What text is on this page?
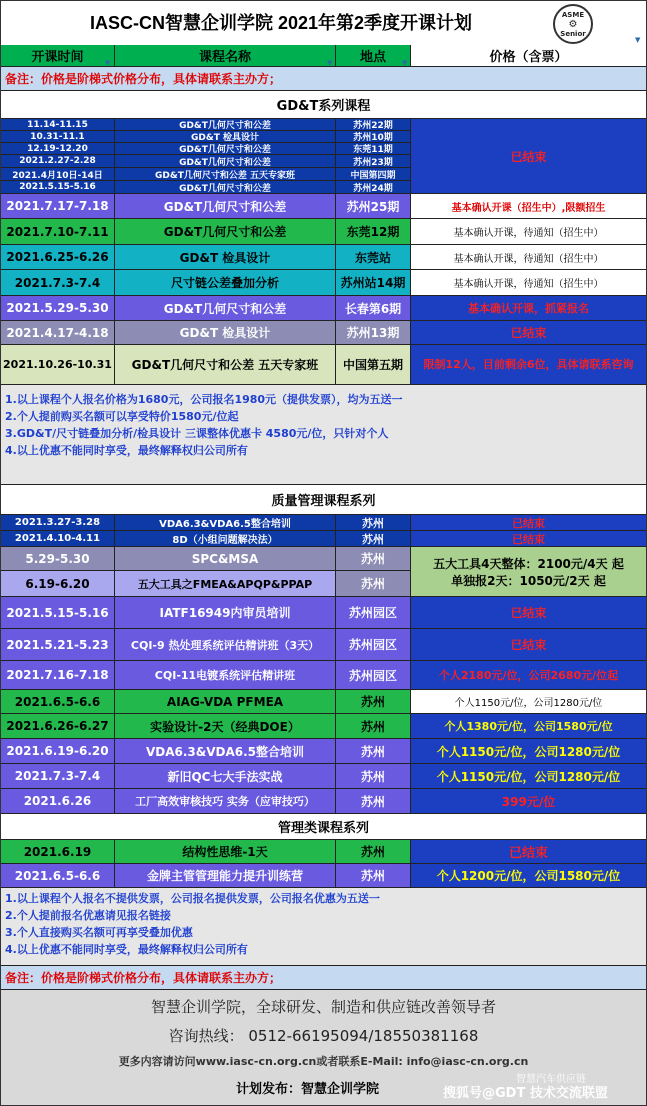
IASC-CN智慧企训学院 2021年第2季度开课计划	ASME
⚙
Senior
开课时间	课程名称	地点	价格（含票）
▼	▼	▼
▼
备注：价格是阶梯式价格分布，具体请联系主办方；
GD&T系列课程
11.14-11.15	GD&T几何尺寸和公差	苏州22期
10.31-11.1	GD&T 检具设计	苏州10期
12.19-12.20	GD&T几何尺寸和公差	东莞11期
2021.2.27-2.28	GD&T几何尺寸和公差	苏州23期
2021.4月10日-14日	GD&T几何尺寸和公差 五天专家班	中国第四期
2021.5.15-5.16	GD&T几何尺寸和公差	苏州24期
已结束
2021.7.17-7.18	GD&T几何尺寸和公差	苏州25期	基本确认开课（招生中）,限额招生
2021.7.10-7.11	GD&T几何尺寸和公差	东莞12期	基本确认开课，待通知（招生中）
2021.6.25-6.26	GD&T 检具设计	东莞站	基本确认开课，待通知（招生中）
2021.7.3-7.4	尺寸链公差叠加分析	苏州站14期	基本确认开课，待通知（招生中）
2021.5.29-5.30	GD&T几何尺寸和公差	长春第6期	基本确认开课，抓紧报名
2021.4.17-4.18	GD&T 检具设计	苏州13期	已结束
2021.10.26-10.31	GD&T几何尺寸和公差 五天专家班	中国第五期	限制12人，目前剩余6位，具体请联系咨询
1.以上课程个人报名价格为1680元，公司报名1980元（提供发票），均为五送一
2.个人提前购买名额可以享受特价1580元/位起
3.GD&T/尺寸链叠加分析/检具设计 三课整体优惠卡 4580元/位，只针对个人
4.以上优惠不能同时享受，最终解释权归公司所有
质量管理课程系列
2021.3.27-3.28	VDA6.3&VDA6.5整合培训	苏州	已结束
2021.4.10-4.11	8D（小组问题解决法）	苏州	已结束
5.29-5.30	SPC&MSA	苏州
6.19-6.20	五大工具之FMEA&APQP&PPAP	苏州
五大工具4天整体：2100元/4天 起
单独报2天：1050元/2天 起
2021.5.15-5.16	IATF16949内审员培训	苏州园区	已结束
2021.5.21-5.23	CQI-9 热处理系统评估精讲班（3天）	苏州园区	已结束
2021.7.16-7.18	CQI-11电镀系统评估精讲班	苏州园区	个人2180元/位，公司2680元/位起
2021.6.5-6.6	AIAG-VDA PFMEA	苏州	个人1150元/位，公司1280元/位
2021.6.26-6.27	实验设计-2天（经典DOE）	苏州	个人1380元/位，公司1580元/位
2021.6.19-6.20	VDA6.3&VDA6.5整合培训	苏州	个人1150元/位，公司1280元/位
2021.7.3-7.4	新旧QC七大手法实战	苏州	个人1150元/位，公司1280元/位
2021.6.26	工厂高效审核技巧 实务（应审技巧）	苏州	399元/位
管理类课程系列
2021.6.19	结构性思维-1天	苏州	已结束
2021.6.5-6.6	金牌主管管理能力提升训练营	苏州	个人1200元/位，公司1580元/位
1.以上课程个人报名不提供发票，公司报名提供发票，公司报名优惠为五送一
2.个人提前报名优惠请见报名链接
3.个人直接购买名额可再享受叠加优惠
4.以上优惠不能同时享受，最终解释权归公司所有
备注：价格是阶梯式价格分布，具体请联系主办方；
智慧企训学院，全球研发、制造和供应链改善领导者
咨询热线： 0512-66195094/18550381168
更多内容请访问www.iasc-cn.org.cn或者联系E-Mail: info@iasc-cn.org.cn
计划发布：智慧企训学院
智慧汽车供应链
搜狐号@GDT 技术交流联盟
